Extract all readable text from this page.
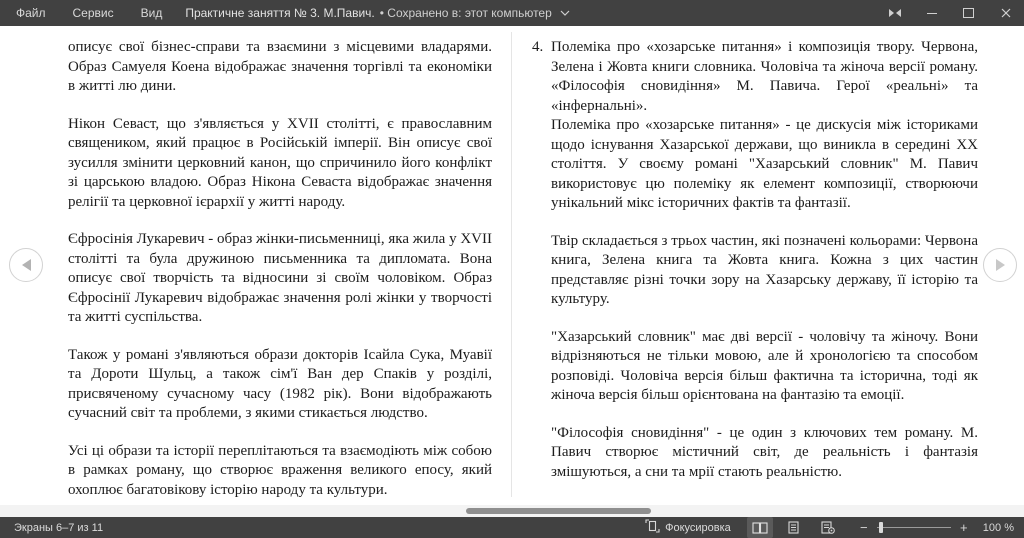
Файл Сервис Вид Практичне заняття № 3. М.Павич. • Сохранено в: этот компьютер

описує свої бізнес-справи та взаємини з місцевими владарями. Образ Самуеля Коена відображає значення торгівлі та економіки в житті лю дини.

Нікон Севаст, що з'являється у XVII столітті, є православним священиком, який працює в Російській імперії. Він описує свої зусилля змінити церковний канон, що спричинило його конфлікт зі царською владою. Образ Нікона Севаста відображає значення релігії та церковної ієрархії у житті народу.

Єфросінія Лукаревич - образ жінки-письменниці, яка жила у XVII столітті та була дружиною письменника та дипломата. Вона описує свої творчість та відносини зі своїм чоловіком. Образ Єфросінії Лукаревич відображає значення ролі жінки у творчості та житті суспільства.

Також у романі з'являються образи докторів Ісайла Сука, Муавії та Дороти Шульц, а також сім'ї Ван дер Спаків у розділі, присвяченому сучасному часу (1982 рік). Вони відображають сучасний світ та проблеми, з якими стикається людство.

Усі ці образи та історії переплітаються та взаємодіють між собою в рамках роману, що створює враження великого епосу, який охоплює багатовікову історію народу та культури.

4. Полеміка про «хозарське питання» і композиція твору. Червона, Зелена і Жовта книги словника. Чоловіча та жіноча версії роману. «Філософія сновидіння» М. Павича. Герої «реальні» та «інфернальні».

Полеміка про «хозарське питання» - це дискусія між істориками щодо існування Хазарської держави, що виникла в середині XX століття. У своєму романі "Хазарський словник" М. Павич використовує цю полеміку як елемент композиції, створюючи унікальний мікс історичних фактів та фантазії.

Твір складається з трьох частин, які позначені кольорами: Червона книга, Зелена книга та Жовта книга. Кожна з цих частин представляє різні точки зору на Хазарську державу, її історію та культуру.

"Хазарський словник" має дві версії - чоловічу та жіночу. Вони відрізняються не тільки мовою, але й хронологією та способом розповіді. Чоловіча версія більш фактична та історична, тоді як жіноча версія більш орієнтована на фантазію та емоції.

"Філософія сновидіння" - це один з ключових тем роману. М. Павич створює містичний світ, де реальність і фантазія змішуються, а сни та мрії стають реальністю.

Экраны 6–7 из 11	Фокусировка	−	+ 100 %
